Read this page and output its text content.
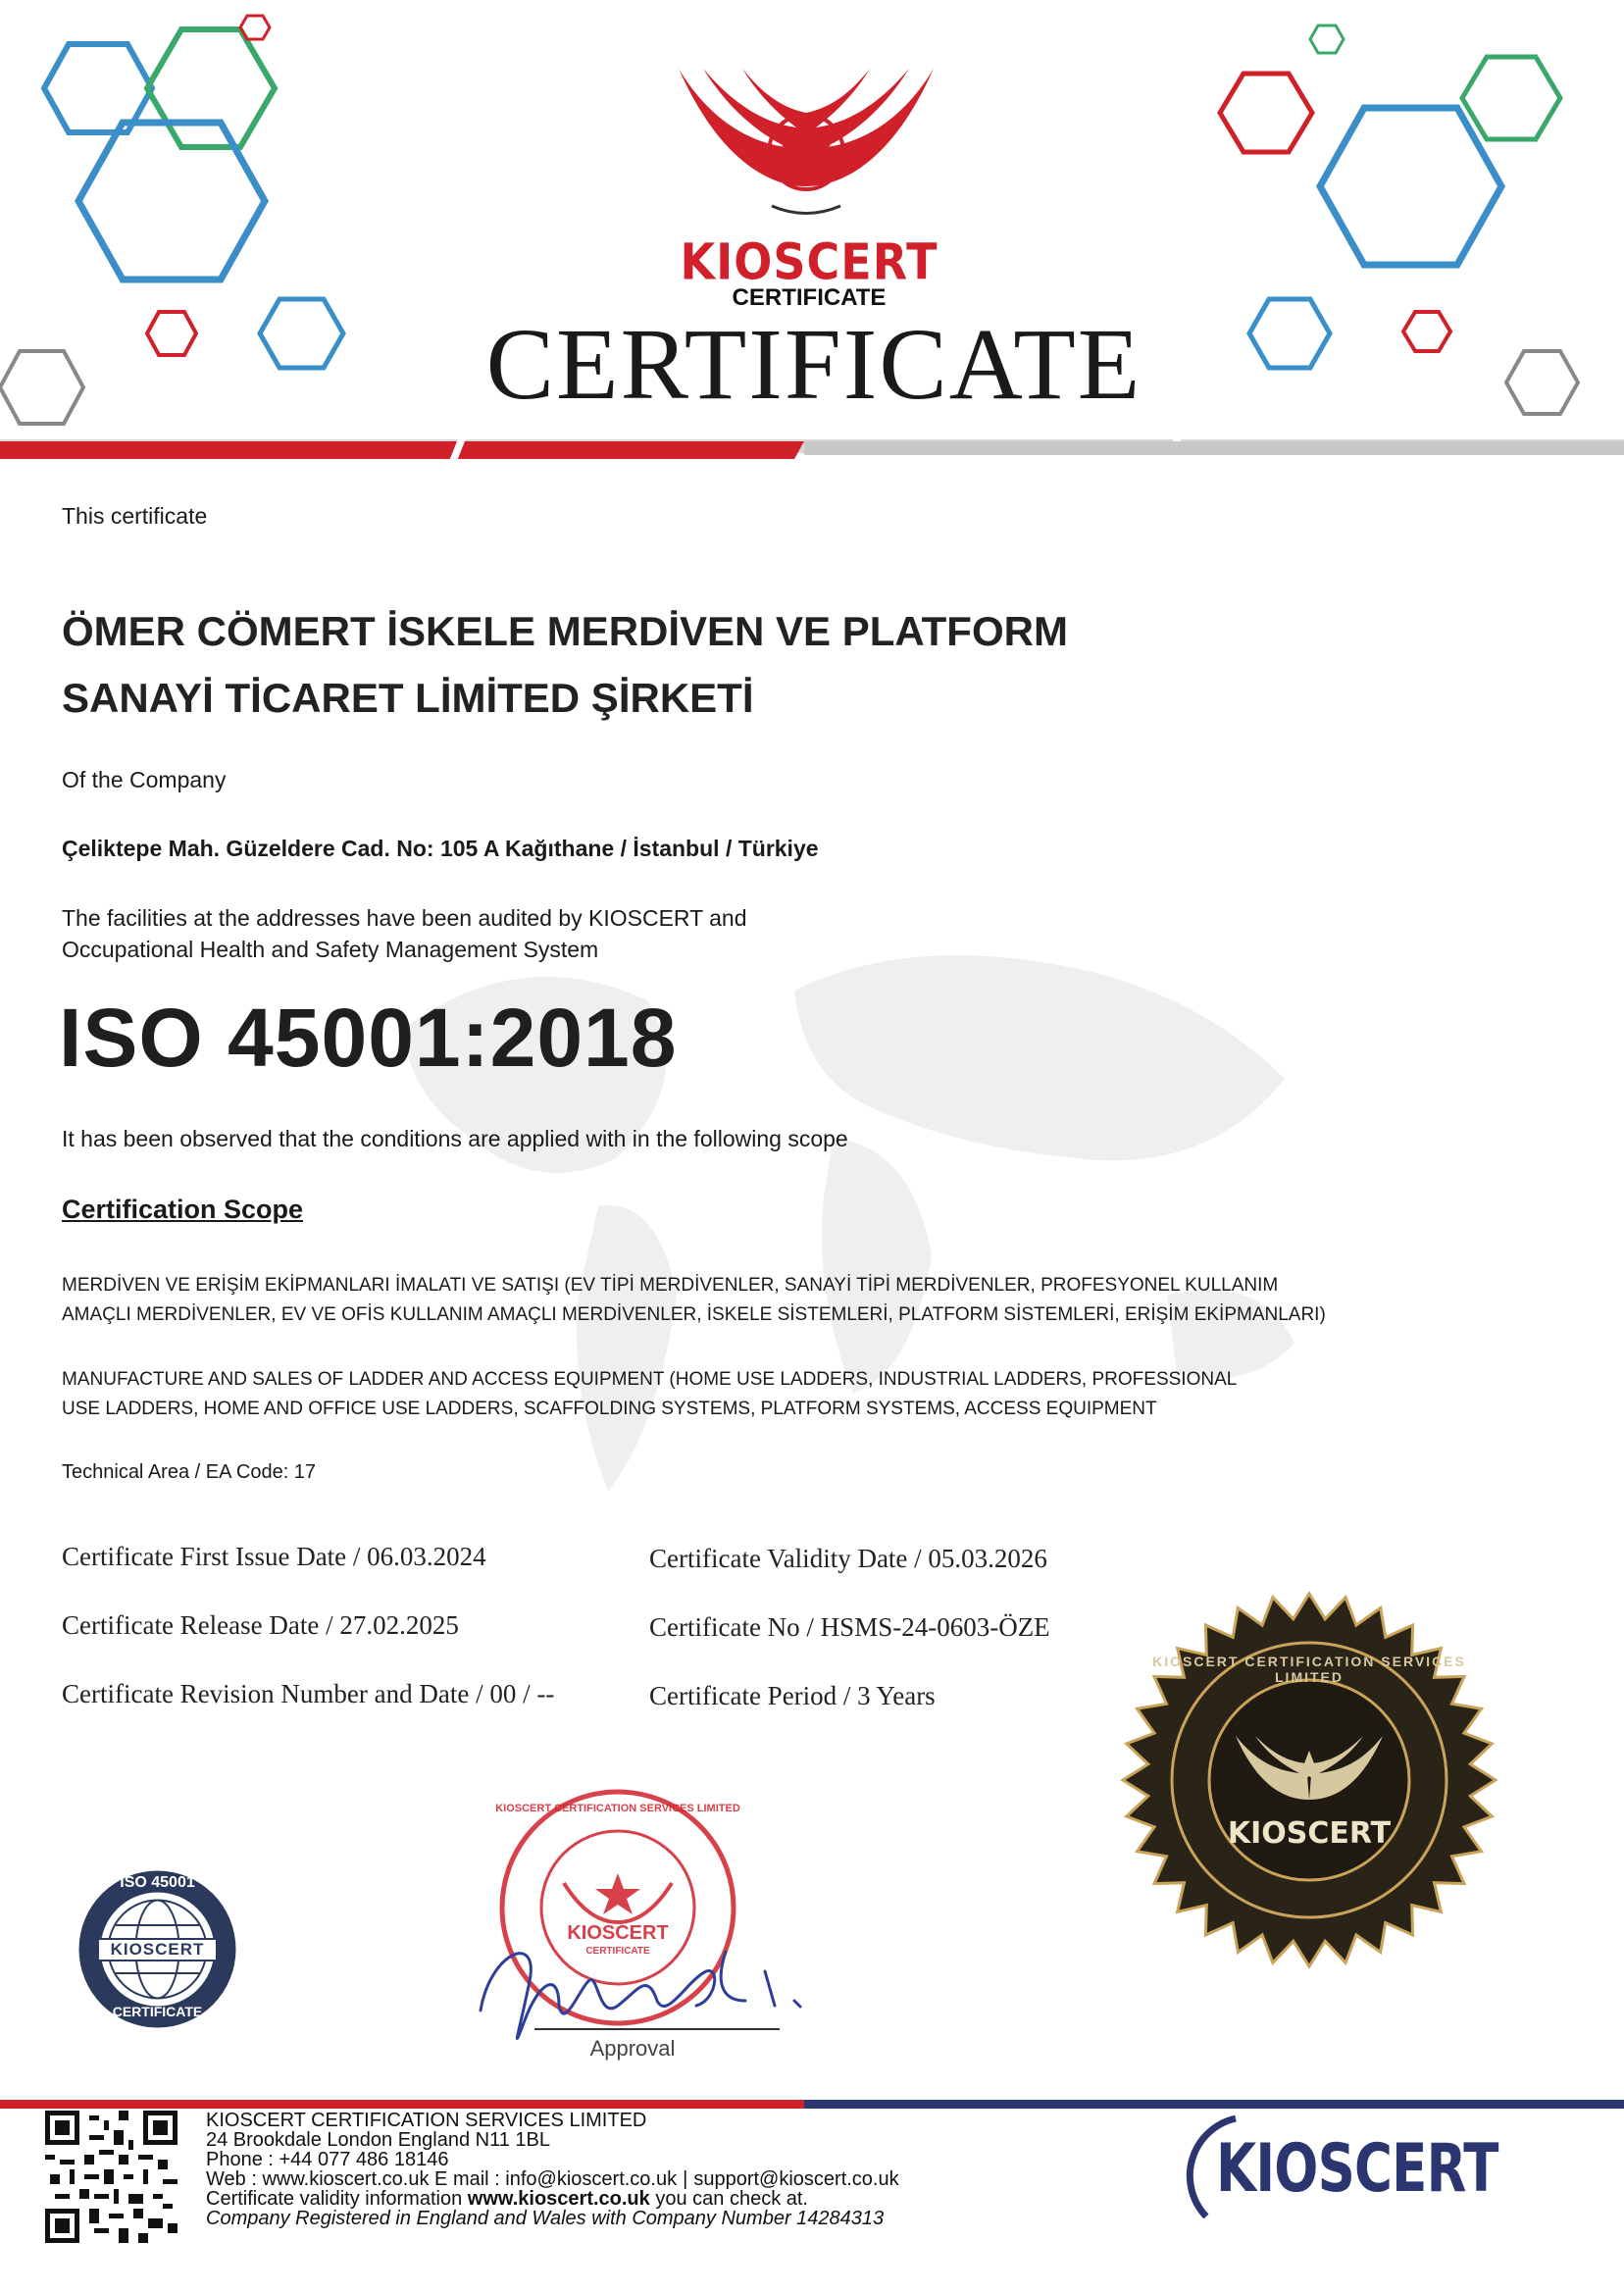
KIOSCERT
CERTIFICATE
CERTIFICATE
This certificate
ÖMER CÖMERT İSKELE MERDİVEN VE PLATFORM
SANAYİ TİCARET LİMİTED ŞİRKETİ
Of the Company
Çeliktepe Mah. Güzeldere Cad. No: 105 A Kağıthane / İstanbul / Türkiye
The facilities at the addresses have been audited by KIOSCERT and
Occupational Health and Safety Management System
ISO 45001:2018
It has been observed that the conditions are applied with in the following scope
Certification Scope
MERDİVEN VE ERİŞİM EKİPMANLARI İMALATI VE SATIŞI (EV TİPİ MERDİVENLER, SANAYİ TİPİ MERDİVENLER, PROFESYONEL KULLANIM
AMAÇLI MERDİVENLER, EV VE OFİS KULLANIM AMAÇLI MERDİVENLER, İSKELE SİSTEMLERİ, PLATFORM SİSTEMLERİ, ERİŞİM EKİPMANLARI)
MANUFACTURE AND SALES OF LADDER AND ACCESS EQUIPMENT (HOME USE LADDERS, INDUSTRIAL LADDERS, PROFESSIONAL
USE LADDERS, HOME AND OFFICE USE LADDERS, SCAFFOLDING SYSTEMS, PLATFORM SYSTEMS, ACCESS EQUIPMENT
Technical Area / EA Code: 17
Certificate First Issue Date / 06.03.2024
Certificate Release Date / 27.02.2025
Certificate Revision Number and Date / 00 / --
Certificate Validity Date / 05.03.2026
Certificate No / HSMS-24-0603-ÖZE
Certificate Period / 3 Years
ISO 45001
KIOSCERT
CERTIFICATE
KIOSCERT CERTIFICATION SERVICES LIMITED
KIOSCERT
CERTIFICATE
Approval
KIOSCERT CERTIFICATION SERVICES LIMITED
KIOSCERT
KIOSCERT CERTIFICATION SERVICES LIMITED
24 Brookdale London England N11 1BL
Phone : +44 077 486 18146
Web : www.kioscert.co.uk E mail : info@kioscert.co.uk | support@kioscert.co.uk
Certificate validity information www.kioscert.co.uk you can check at.
Company Registered in England and Wales with Company Number 14284313
KIOSCERT
